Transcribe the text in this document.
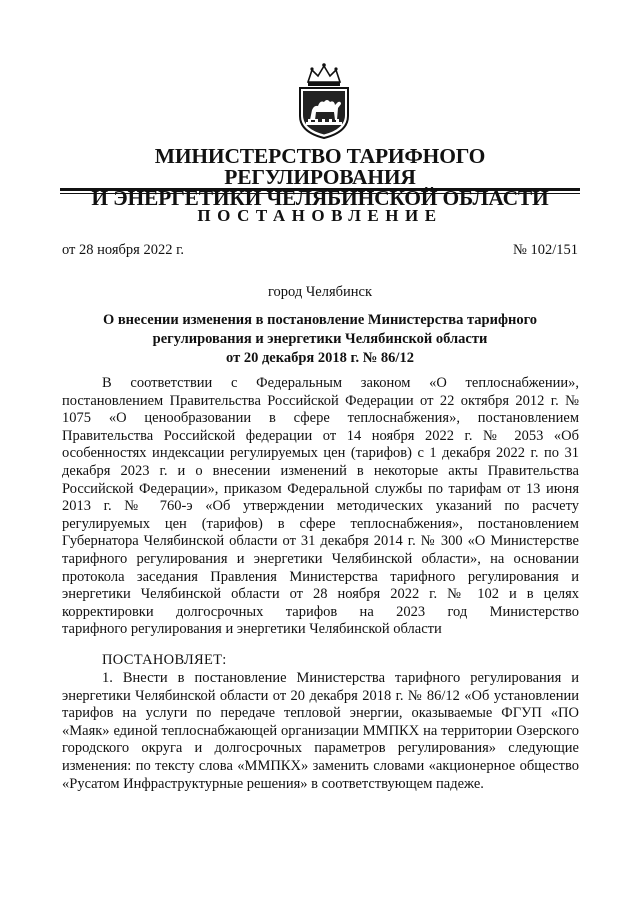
МИНИСТЕРСТВО ТАРИФНОГО РЕГУЛИРОВАНИЯ
И ЭНЕРГЕТИКИ ЧЕЛЯБИНСКОЙ ОБЛАСТИ
ПОСТАНОВЛЕНИЕ
от 28 ноября 2022 г.	№ 102/151
город Челябинск
О внесении изменения в постановление Министерства тарифного
регулирования и энергетики Челябинской области
от 20 декабря 2018 г. № 86/12

В соответствии с Федеральным законом «О теплоснабжении», постановлением Правительства Российской Федерации от 22 октября 2012 г. № 1075 «О ценообразовании в сфере теплоснабжения», постановлением Правительства Российской федерации от 14 ноября 2022 г. № 2053 «Об особенностях индексации регулируемых цен (тарифов) с 1 декабря 2022 г. по 31 декабря 2023 г. и о внесении изменений в некоторые акты Правительства Российской Федерации», приказом Федеральной службы по тарифам от 13 июня 2013 г. № 760-э «Об утверждении методических указаний по расчету регулируемых цен (тарифов) в сфере теплоснабжения», постановлением Губернатора Челябинской области от 31 декабря 2014 г. № 300 «О Министерстве тарифного регулирования и энергетики Челябинской области», на основании протокола заседания Правления Министерства тарифного регулирования и энергетики Челябинской области от 28 ноября 2022 г. № 102 и в целях корректировки долгосрочных тарифов на 2023 год Министерство

тарифного регулирования и энергетики Челябинской области
ПОСТАНОВЛЯЕТ:

1. Внести в постановление Министерства тарифного регулирования и энергетики Челябинской области от 20 декабря 2018 г. № 86/12 «Об установлении тарифов на услуги по передаче тепловой энергии, оказываемые ФГУП «ПО «Маяк» единой теплоснабжающей организации ММПКХ на территории Озерского городского округа и долгосрочных параметров регулирования» следующие изменения: по тексту слова «ММПКХ» заменить словами «акционерное общество «Русатом Инфраструктурные решения» в соответствующем падеже.
